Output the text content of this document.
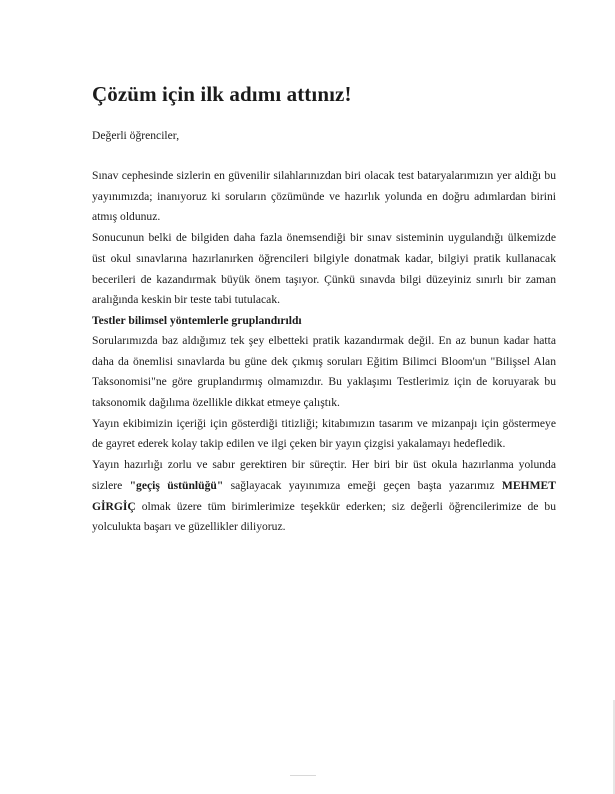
Çözüm için ilk adımı attınız!
Değerli öğrenciler,

Sınav cephesinde sizlerin en güvenilir silahlarınızdan biri olacak test bataryalarımızın yer aldığı bu yayınımızda; inanıyoruz ki soruların çözümünde ve hazırlık yolunda en doğru adımlardan birini atmış oldunuz.

Sonucunun belki de bilgiden daha fazla önemsendiği bir sınav sisteminin uygulandığı ülkemizde üst okul sınavlarına hazırlanırken öğrencileri bilgiyle donatmak kadar, bilgiyi pratik kullanacak becerileri de kazandırmak büyük önem taşıyor. Çünkü sınavda bilgi düzeyiniz sınırlı bir zaman aralığında keskin bir teste tabi tutulacak.

Testler bilimsel yöntemlerle gruplandırıldı

Sorularımızda baz aldığımız tek şey elbetteki pratik kazandırmak değil. En az bunun kadar hatta daha da önemlisi sınavlarda bu güne dek çıkmış soruları Eğitim Bilimci Bloom'un "Bilişsel Alan Taksonomisi"ne göre gruplandırmış olmamızdır. Bu yaklaşımı Testlerimiz için de koruyarak bu taksonomik dağılıma özellikle dikkat etmeye çalıştık.

Yayın ekibimizin içeriği için gösterdiği titizliği; kitabımızın tasarım ve mizanpajı için göstermeye de gayret ederek kolay takip edilen ve ilgi çeken bir yayın çizgisi yakalamayı hedefledik.

Yayın hazırlığı zorlu ve sabır gerektiren bir süreçtir. Her biri bir üst okula hazırlanma yolunda sizlere "geçiş üstünlüğü" sağlayacak yayınımıza emeği geçen başta yazarımız MEHMET GİRGİÇ olmak üzere tüm birimlerimize teşekkür ederken; siz değerli öğrencilerimize de bu yolculukta başarı ve güzellikler diliyoruz.
